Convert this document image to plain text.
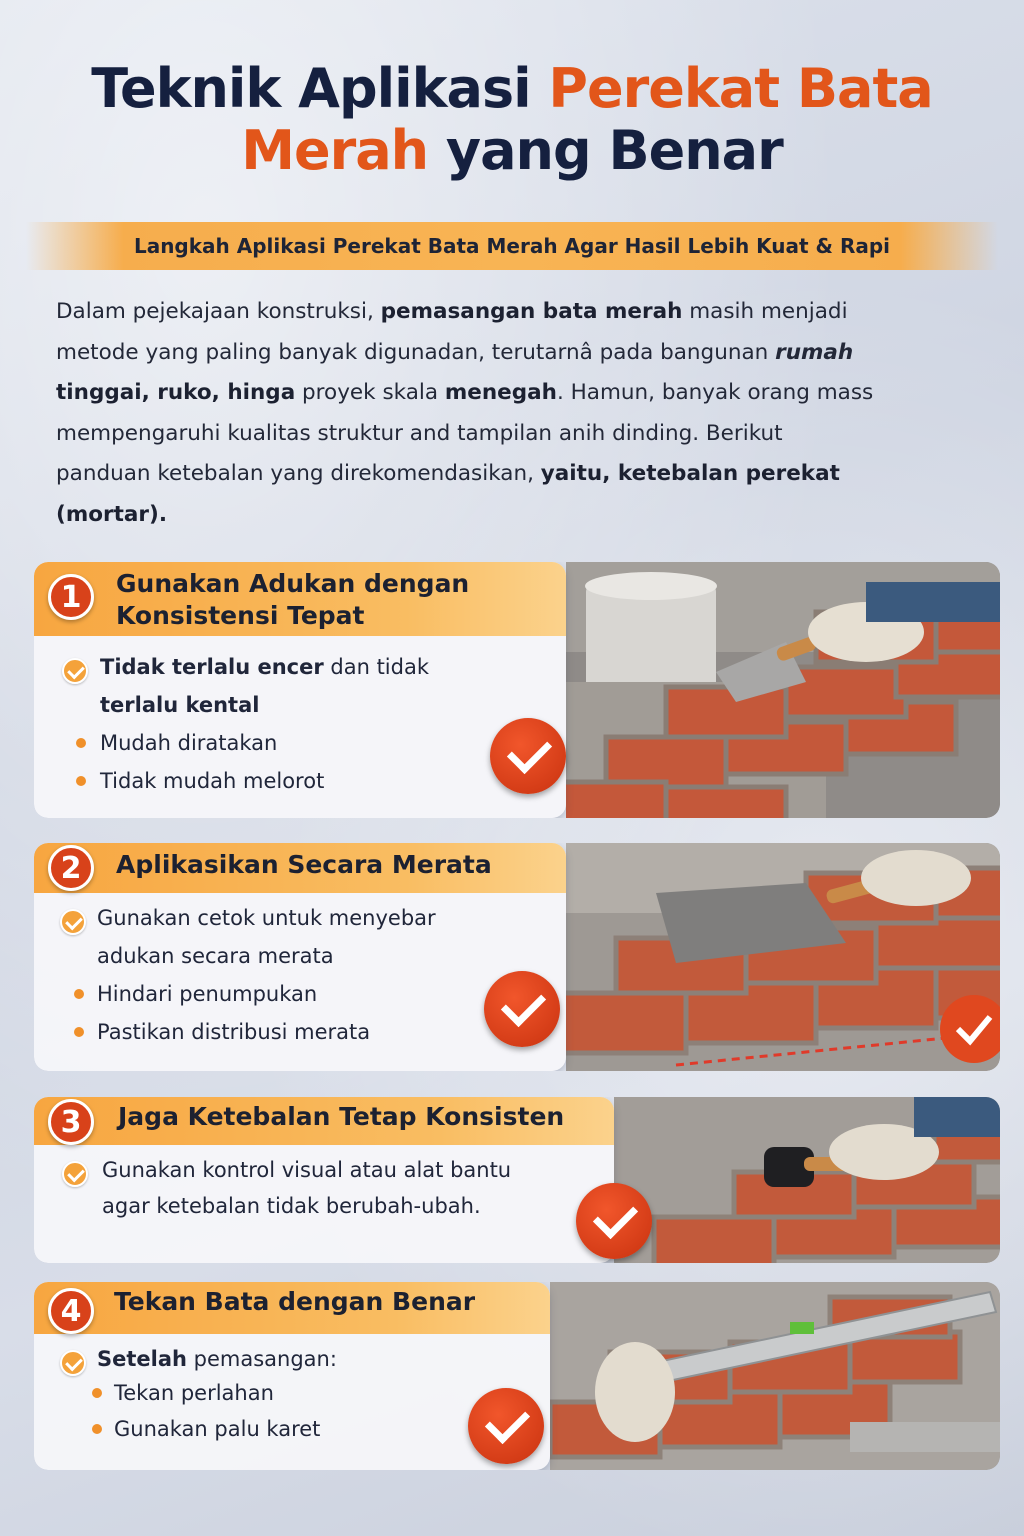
Teknik Aplikasi Perekat Bata
Merah yang Benar
Langkah Aplikasi Perekat Bata Merah Agar Hasil Lebih Kuat & Rapi
Dalam pejekajaan konstruksi, pemasangan bata merah masih menjadi
metode yang paling banyak digunadan, terutarnâ pada bangunan rumah
tinggai, ruko, hinga proyek skala menegah. Hamun, banyak orang mass
mempengaruhi kualitas struktur and tampilan anih dinding. Berikut
panduan ketebalan yang direkomendasikan, yaitu, ketebalan perekat
(mortar).
1	Gunakan Adukan dengan
Konsistensi Tepat
Tidak terlalu encer dan tidak
terlalu kental
Mudah diratakan
Tidak mudah melorot
2	Aplikasikan Secara Merata
Gunakan cetok untuk menyebar
adukan secara merata
Hindari penumpukan
Pastikan distribusi merata
3	Jaga Ketebalan Tetap Konsisten
Gunakan kontrol visual atau alat bantu
agar ketebalan tidak berubah-ubah.
4	Tekan Bata dengan Benar
Setelah pemasangan:
Tekan perlahan
Gunakan palu karet
